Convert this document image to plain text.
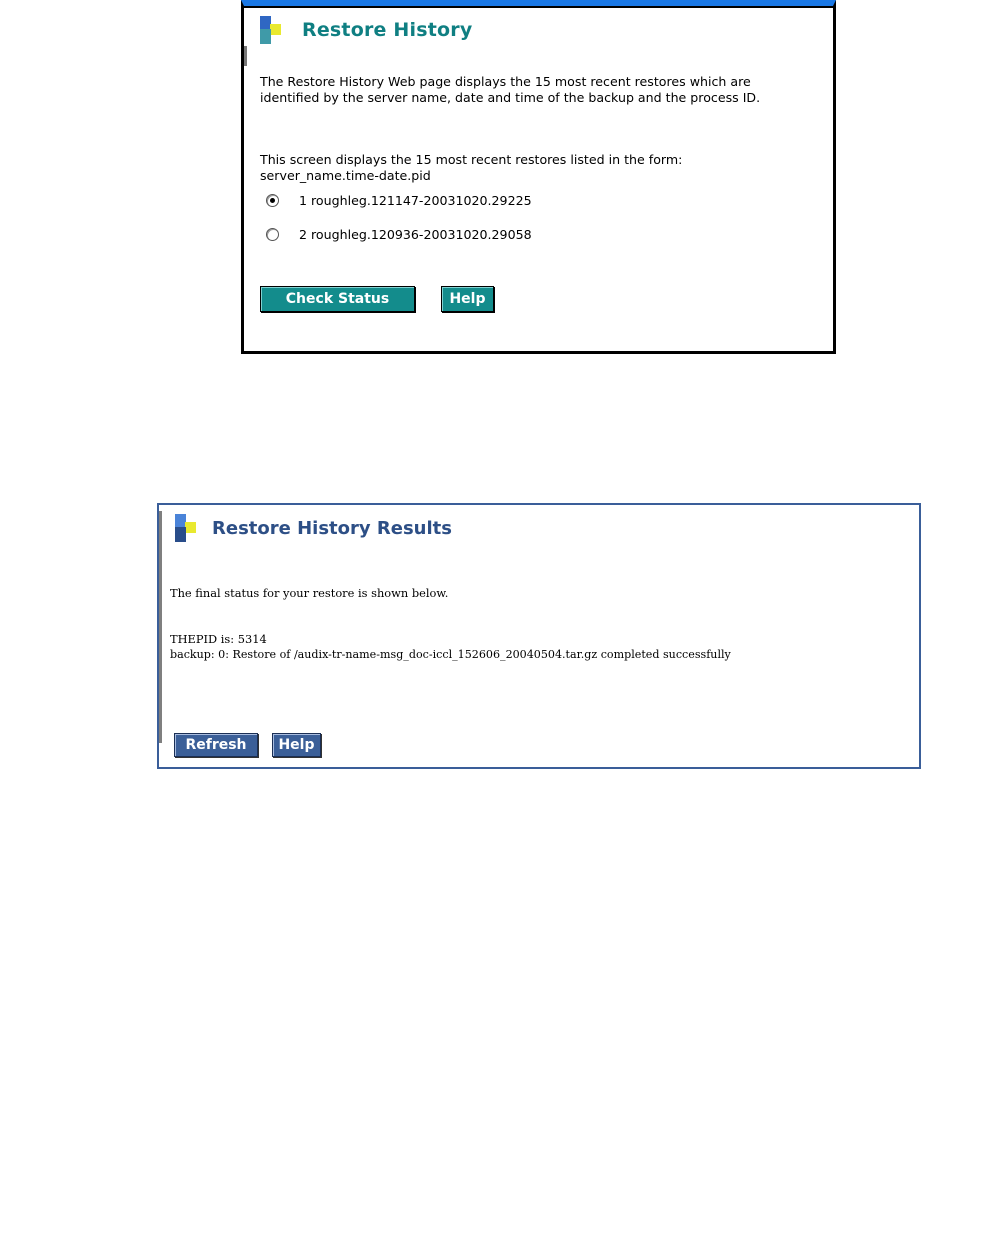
Restore History
The Restore History Web page displays the 15 most recent restores which are identified by the server name, date and time of the backup and the process ID.
This screen displays the 15 most recent restores listed in the form:
server_name.time-date.pid
1 roughleg.121147-20031020.29225
2 roughleg.120936-20031020.29058
Check Status	Help
Restore History Results
The final status for your restore is shown below.
THEPID is: 5314
backup: 0: Restore of /audix-tr-name-msg_doc-iccl_152606_20040504.tar.gz completed successfully
Refresh	Help
